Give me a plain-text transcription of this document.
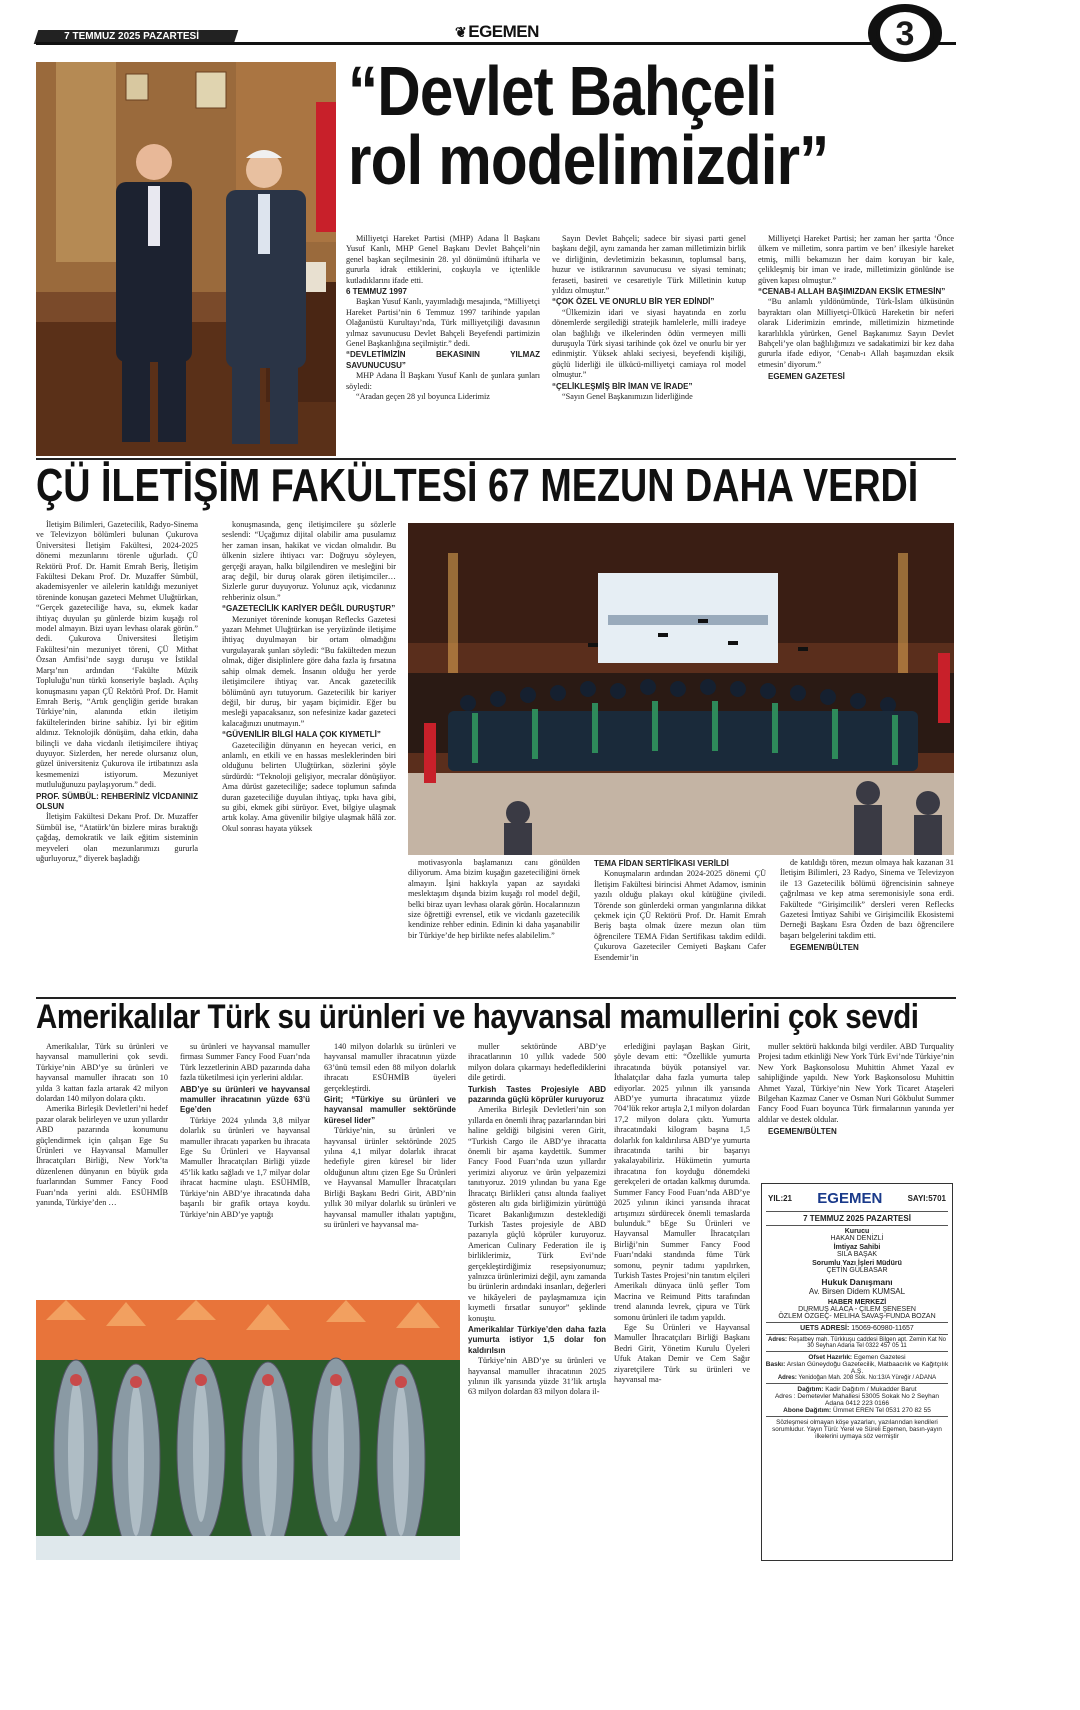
7 TEMMUZ 2025 PAZARTESİ	❦ EGEMEN	3
“Devlet Bahçeli
rol modelimizdir”

Milliyetçi Hareket Partisi (MHP) Adana İl Başkanı Yusuf Kanlı, MHP Genel Başkanı Devlet Bahçeli’nin genel başkan seçilmesinin 28. yıl dönümünü iftiharla ve gururla idrak ettiklerini, coşkuyla ve içtenlikle kutladıklarını ifade etti.

6 TEMMUZ 1997

Başkan Yusuf Kanlı, yayımladığı mesajında, “Milliyetçi Hareket Partisi’nin 6 Temmuz 1997 tarihinde yapılan Olağanüstü Kurultayı’nda, Türk milliyetçiliği davasının yılmaz savunucusu Devlet Bahçeli Beyefendi partimizin Genel Başkanlığına seçilmiştir.” dedi.

“DEVLETİMİZİN BEKASININ YILMAZ SAVUNUCUSU”

MHP Adana İl Başkanı Yusuf Kanlı de şunlara şunları söyledi:

“Aradan geçen 28 yıl boyunca Liderimiz

Sayın Devlet Bahçeli; sadece bir siyasi parti genel başkanı değil, aynı zamanda her zaman milletimizin birlik ve dirliğinin, devletimizin bekasının, toplumsal barış, huzur ve istikrarının savunucusu ve siyasi teminatı; feraseti, basireti ve cesaretiyle Türk Milletinin kutup yıldızı olmuştur.”

“ÇOK ÖZEL VE ONURLU BİR YER EDİNDİ”

“Ülkemizin idari ve siyasi hayatında en zorlu dönemlerde sergilediği stratejik hamlelerle, milli iradeye olan bağlılığı ve ilkelerinden ödün vermeyen milli duruşuyla Türk siyasi tarihinde çok özel ve onurlu bir yer edinmiştir. Yüksek ahlaki seciyesi, beyefendi kişiliği, güçlü liderliği ile ülkücü-milliyetçi camiaya rol model olmuştur.”

“ÇELİKLEŞMİŞ BİR İMAN VE İRADE”

“Sayın Genel Başkanımızın liderliğinde

Milliyetçi Hareket Partisi; her zaman her şartta ‘Önce ülkem ve milletim, sonra partim ve ben’ ilkesiyle hareket etmiş, milli bekamızın her daim koruyan bir kale, çelikleşmiş bir iman ve irade, milletimizin gönlünde ise güven kapısı olmuştur.”

“CENAB-I ALLAH BAŞIMIZDAN EKSİK ETMESİN”

“Bu anlamlı yıldönümünde, Türk-İslam ülküsünün bayraktarı olan Milliyetçi-Ülkücü Hareketin bir neferi olarak Liderimizin emrinde, milletimizin hizmetinde kararlılıkla yürürken, Genel Başkanımız Sayın Devlet Bahçeli’ye olan bağlılığımızı ve sadakatimizi bir kez daha gururla ifade ediyor, ‘Cenab-ı Allah başımızdan eksik etmesin’ diyorum.”

EGEMEN GAZETESİ

ÇÜ İLETİŞİM FAKÜLTESİ 67 MEZUN DAHA VERDİ

İletişim Bilimleri, Gazetecilik, Radyo-Sinema ve Televizyon bölümleri bulunan Çukurova Üniversitesi İletişim Fakültesi, 2024-2025 dönemi mezunlarını törenle uğurladı. ÇÜ Rektörü Prof. Dr. Hamit Emrah Beriş, İletişim Fakültesi Dekanı Prof. Dr. Muzaffer Sümbül, akademisyenler ve ailelerin katıldığı mezuniyet töreninde konuşan gazeteci Mehmet Uluğtürkan, “Gerçek gazeteciliğe hava, su, ekmek kadar ihtiyaç duyulan şu günlerde bizim kuşağı rol model almayın. Bizi uyarı levhası olarak görün.” dedi. Çukurova Üniversitesi İletişim Fakültesi’nin mezuniyet töreni, ÇÜ Mithat Özsan Amfisi’nde saygı duruşu ve İstiklal Marşı’nın ardından ‘Fakülte Müzik Topluluğu’nun türkü konseriyle başladı. Açılış konuşmasını yapan ÇÜ Rektörü Prof. Dr. Hamit Emrah Beriş, “Artık gençliğin geride bırakan Türkiye’nin, alanında etkin iletişim fakültelerinden birine sahibiz. İyi bir eğitim aldınız. Teknolojik dönüşüm, daha etkin, daha bilinçli ve daha vicdanlı iletişimcilere ihtiyaç duyuyor. Sizlerden, her nerede olursanız olun, güzel üniversiteniz Çukurova ile irtibatınızı asla kesmemenizi istiyorum. Mezuniyet mutluluğunuzu paylaşıyorum.” dedi.

PROF. SÜMBÜL: REHBERİNİZ VİCDANINIZ OLSUN

İletişim Fakültesi Dekanı Prof. Dr. Muzaffer Sümbül ise, “Atatürk’ün bizlere miras bıraktığı çağdaş, demokratik ve laik eğitim sisteminin meyveleri olan mezunlarımızı gururla uğurluyoruz,” diyerek başladığı

konuşmasında, genç iletişimcilere şu sözlerle seslendi: “Uçağımız dijital olabilir ama pusulamız her zaman insan, hakikat ve vicdan olmalıdır. Bu ülkenin sizlere ihtiyacı var: Doğruyu söyleyen, gerçeği arayan, halkı bilgilendiren ve mesleğini bir araç değil, bir duruş olarak gören iletişimciler… Sizlerle gurur duyuyoruz. Yolunuz açık, vicdanınız rehberiniz olsun.”

“GAZETECİLİK KARİYER DEĞİL DURUŞTUR”

Mezuniyet töreninde konuşan Reflecks Gazetesi yazarı Mehmet Uluğtürkan ise yeryüzünde iletişime ihtiyaç duyulmayan bir ortam olmadığını vurgulayarak şunları söyledi: “Bu fakülteden mezun olmak, diğer disiplinlere göre daha fazla iş fırsatına sahip olmak demek. İnsanın olduğu her yerde iletişimcilere ihtiyaç var. Ancak gazetecilik bölümünü ayrı tutuyorum. Gazetecilik bir kariyer değil, bir duruş, bir yaşam biçimidir. Eğer bu mesleği yapacaksanız, son nefesinize kadar gazeteci kalacağınızı unutmayın.”

“GÜVENİLİR BİLGİ HALA ÇOK KIYMETLİ”

Gazeteciliğin dünyanın en heyecan verici, en anlamlı, en etkili ve en hassas mesleklerinden biri olduğunu belirten Uluğtürkan, sözlerini şöyle sürdürdü: “Teknoloji gelişiyor, mecralar dönüşüyor. Ama dürüst gazeteciliğe; sadece toplumun safında duran gazeteciliğe duyulan ihtiyaç, tıpkı hava gibi, su gibi, ekmek gibi sürüyor. Evet, bilgiye ulaşmak artık kolay. Ama güvenilir bilgiye ulaşmak hâlâ zor. Okul sonrası hayata yüksek

motivasyonla başlamanızı canı gönülden diliyorum. Ama bizim kuşağın gazeteciliğini örnek almayın. İşini hakkıyla yapan az sayıdaki meslektaşım dışında bizim kuşağı rol model değil, belki biraz uyarı levhası olarak görün. Hocalarınızın size öğrettiği evrensel, etik ve vicdanlı gazetecilik kendinize rehber edinin. Edinin ki daha yaşanabilir bir Türkiye’de hep birlikte nefes alabilelim.”

TEMA FİDAN SERTİFİKASI VERİLDİ

Konuşmaların ardından 2024-2025 dönemi ÇÜ İletişim Fakültesi birincisi Ahmet Adamov, isminin yazılı olduğu plakayı okul kütüğüne çiviledi. Törende son günlerdeki orman yangınlarına dikkat çekmek için ÇÜ Rektörü Prof. Dr. Hamit Emrah Beriş başta olmak üzere mezun olan tüm öğrencilere TEMA Fidan Sertifikası takdim edildi. Çukurova Gazeteciler Cemiyeti Başkanı Cafer Esendemir’in

de katıldığı tören, mezun olmaya hak kazanan 31 İletişim Bilimleri, 23 Radyo, Sinema ve Televizyon ile 13 Gazetecilik bölümü öğrencisinin sahneye çağrılması ve kep atma seremonisiyle sona erdi. Fakültede “Girişimcilik” dersleri veren Reflecks Gazetesi İmtiyaz Sahibi ve Girişimcilik Ekosistemi Derneği Başkanı Esra Özden de bazı öğrencilere başarı belgelerini takdim etti.

EGEMEN/BÜLTEN

Amerikalılar Türk su ürünleri ve hayvansal mamullerini çok sevdi

Amerikalılar, Türk su ürünleri ve hayvansal mamullerini çok sevdi. Türkiye’nin ABD’ye su ürünleri ve hayvansal mamuller ihracatı son 10 yılda 3 kattan fazla artarak 42 milyon dolardan 140 milyon dolara çıktı.

Amerika Birleşik Devletleri’ni hedef pazar olarak belirleyen ve uzun yıllardır ABD pazarında konumunu güçlendirmek için çalışan Ege Su Ürünleri ve Hayvansal Mamuller İhracatçıları Birliği, New York’ta düzenlenen dünyanın en büyük gıda fuarlarından Summer Fancy Food Fuarı’nda yerini aldı. ESÜHMİB yanında, Türkiye’den …

su ürünleri ve hayvansal mamuller firması Summer Fancy Food Fuarı’nda Türk lezzetlerinin ABD pazarında daha fazla tüketilmesi için yerlerini aldılar.

ABD’ye su ürünleri ve hayvansal mamuller ihracatının yüzde 63’ü Ege’den

Türkiye 2024 yılında 3,8 milyar dolarlık su ürünleri ve hayvansal mamuller ihracatı yaparken bu ihracata Ege Su Ürünleri ve Hayvansal Mamuller İhracatçıları Birliği yüzde 45’lik katkı sağladı ve 1,7 milyar dolar ihracat hacmine ulaştı. ESÜHMİB, Türkiye’nin ABD’ye ihracatında daha başarılı bir grafik ortaya koydu. Türkiye’nin ABD’ye yaptığı

140 milyon dolarlık su ürünleri ve hayvansal mamuller ihracatının yüzde 63’ünü temsil eden 88 milyon dolarlık ihracatı ESÜHMİB üyeleri gerçekleştirdi.

Girit; “Türkiye su ürünleri ve hayvansal mamuller sektöründe küresel lider”

Türkiye’nin, su ürünleri ve hayvansal ürünler sektöründe 2025 yılına 4,1 milyar dolarlık ihracat hedefiyle giren küresel bir lider olduğunun altını çizen Ege Su Ürünleri ve Hayvansal Mamuller İhracatçıları Birliği Başkanı Bedri Girit, ABD’nin yıllık 30 milyar dolarlık su ürünleri ve hayvansal mamuller ithalatı yaptığını, su ürünleri ve hayvansal ma-

muller sektöründe ABD’ye ihracatlarının 10 yıllık vadede 500 milyon dolara çıkarmayı hedeflediklerini dile getirdi.

Turkish Tastes Projesiyle ABD pazarında güçlü köprüler kuruyoruz

Amerika Birleşik Devletleri’nin son yıllarda en önemli ihraç pazarlarından biri haline geldiği bilgisini veren Girit, “Turkish Cargo ile ABD’ye ihracatta önemli bir aşama kaydettik. Summer Fancy Food Fuarı’nda uzun yıllardır yerimizi alıyoruz ve ürün yelpazemizi tanıtıyoruz. 2019 yılından bu yana Ege İhracatçı Birlikleri çatısı altında faaliyet gösteren altı gıda birliğimizin yürüttüğü Ticaret Bakanlığımızın desteklediği Turkish Tastes projesiyle de ABD pazarıyla güçlü köprüler kuruyoruz. American Culinary Federation ile iş birliklerimiz, Türk Evi’nde gerçekleştirdiğimiz resepsiyonumuz; yalnızca ürünlerimizi değil, aynı zamanda bu ürünlerin ardındaki insanları, değerleri ve hikâyeleri de paylaşmamıza için kıymetli fırsatlar sunuyor” şeklinde konuştu.

Amerikalılar Türkiye’den daha fazla yumurta istiyor 1,5 dolar fon kaldırılsın

Türkiye’nin ABD’ye su ürünleri ve hayvansal mamuller ihracatının 2025 yılının ilk yarısında yüzde 31’lik artışla 63 milyon dolardan 83 milyon dolara il-

erlediğini paylaşan Başkan Girit, şöyle devam etti: “Özellikle yumurta ihracatında büyük potansiyel var. İthalatçılar daha fazla yumurta talep ediyorlar. 2025 yılının ilk yarısında ABD’ye yumurta ihracatımız yüzde 704’lük rekor artışla 2,1 milyon dolardan 17,2 milyon dolara çıktı. Yumurta ihracatındaki kilogram başına 1,5 dolarlık fon kaldırılırsa ABD’ye yumurta ihracatında tarihi bir başarıyı yakalayabiliriz. Hükümetin yumurta ihracatına fon koyduğu dönemdeki gerekçeleri de ortadan kalkmış durumda. Summer Fancy Food Fuarı’nda ABD’ye 2025 yılının ikinci yarısında ihracat artışımızı sürdürecek önemli temaslarda bulunduk.” bEge Su Ürünleri ve Hayvansal Mamuller İhracatçıları Birliği’nin Summer Fancy Food Fuarı’ndaki standında füme Türk somonu, peynir tadımı yapılırken, Turkish Tastes Projesi’nin tanıtım elçileri Amerikalı dünyaca ünlü şefler Tom Macrina ve Reimund Pitts tarafından trend alanında levrek, çipura ve Türk somonu ürünleri ile tadım yapıldı.

Ege Su Ürünleri ve Hayvansal Mamuller İhracatçıları Birliği Başkanı Bedri Girit, Yönetim Kurulu Üyeleri Ufuk Atakan Demir ve Cem Sağır ziyaretçilere Türk su ürünleri ve hayvansal ma-

muller sektörü hakkında bilgi verdiler. ABD Turquality Projesi tadım etkinliği New York Türk Evi’nde Türkiye’nin New York Başkonsolosu Muhittin Ahmet Yazal ev sahipliğinde yapıldı. New York Başkonsolosu Muhittin Ahmet Yazal, Türkiye’nin New York Ticaret Ataşeleri Bilgehan Kazmaz Caner ve Osman Nuri Gökbulut Summer Fancy Food Fuarı boyunca Türk firmalarının yanında yer aldılar ve destek oldular.

EGEMEN/BÜLTEN

YIL:21 EGEMEN	SAYI:5701
7 TEMMUZ 2025 PAZARTESİ
Kurucu
HAKAN DENİZLİ
İmtiyaz Sahibi
SILA BAŞAK
Sorumlu Yazı İşleri Müdürü
ÇETİN GÜLBASAR
Hukuk Danışmanı
Av. Birsen Didem KUMSAL
HABER MERKEZİ
DURMUŞ ALACA - ÇİLEM ŞENESEN
ÖZLEM ÖZGEÇ- MELİHA SAVAŞ-FUNDA BOZAN
UETS ADRESİ: 15069-60980-11657
Adres: Reşatbey mah. Türkkuşu caddesi Bilgen apt. Zemin Kat No 30 Seyhan Adana Tel 0322 457 05 11
Ofset Hazırlık: Egemen Gazetesi
Baskı: Arslan Güneydoğu Gazetecilik, Matbaacılık ve Kağıtçılık A.Ş.
Adres: Yenidoğan Mah. 208 Sok. No:13/A Yüreğir / ADANA
Dağıtım: Kadir Dağıtım / Mukadder Barut
Adres : Demetevler Mahallesi 53005 Sokak No 2 Seyhan Adana 0412 223 0166
Abone Dağıtım: Ümmet EREN Tel 0531 270 82 55
Sözleşmesi olmayan köşe yazarları, yazılarından kendileri sorumludur. Yayın Türü: Yerel ve Süreli Egemen, basın-yayın ilkelerini uymaya söz vermiştir
